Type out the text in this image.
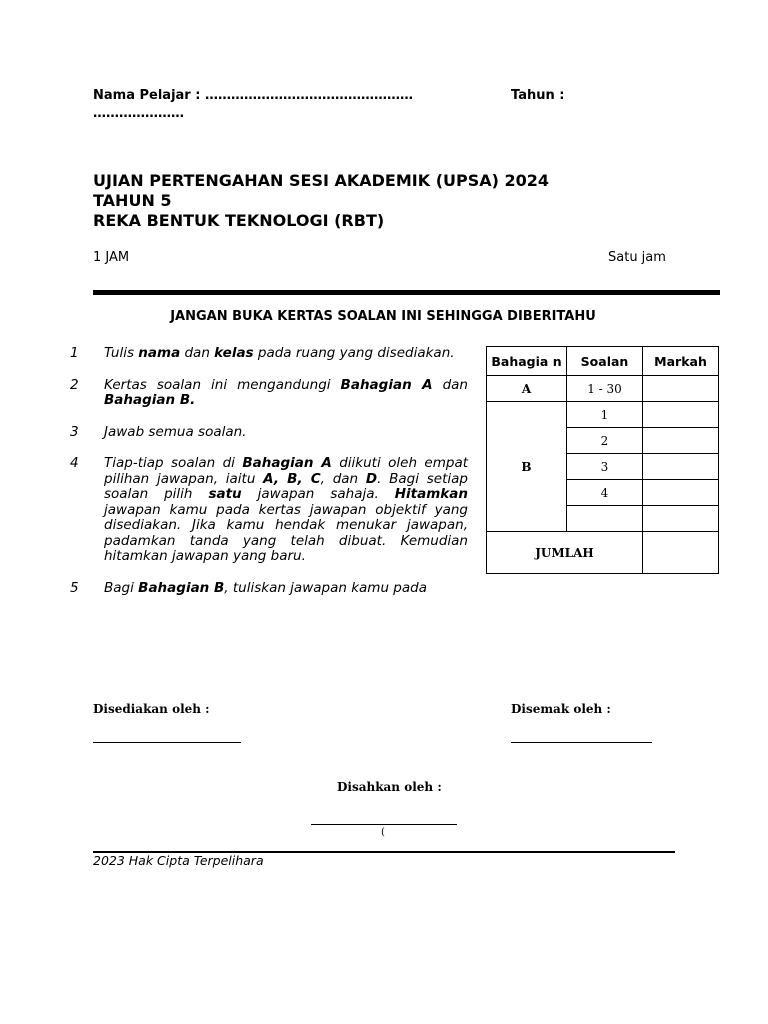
Nama Pelajar : …………………………………………	Tahun :
…………………
UJIAN PERTENGAHAN SESI AKADEMIK (UPSA) 2024
TAHUN 5
REKA BENTUK TEKNOLOGI (RBT)
1 JAM	Satu jam
JANGAN BUKA KERTAS SOALAN INI SEHINGGA DIBERITAHU
1	Tulis nama dan kelas pada ruang yang disediakan.
2	Kertas soalan ini mengandungi Bahagian A dan Bahagian B.
3	Jawab semua soalan.
4	Tiap-tiap soalan di Bahagian A diikuti oleh empat pilihan jawapan, iaitu A, B, C, dan D. Bagi setiap soalan pilih satu jawapan sahaja. Hitamkan jawapan kamu pada kertas jawapan objektif yang disediakan. Jika kamu hendak menukar jawapan, padamkan tanda yang telah dibuat. Kemudian hitamkan jawapan yang baru.
5	Bagi Bahagian B, tuliskan jawapan kamu pada
Bahagia n	Soalan	Markah
A	1 - 30	
B	1	
	2	
	3	
	4	

JUMLAH		
Disediakan oleh :	Disemak oleh :
Disahkan oleh :
(
2023 Hak Cipta Terpelihara
